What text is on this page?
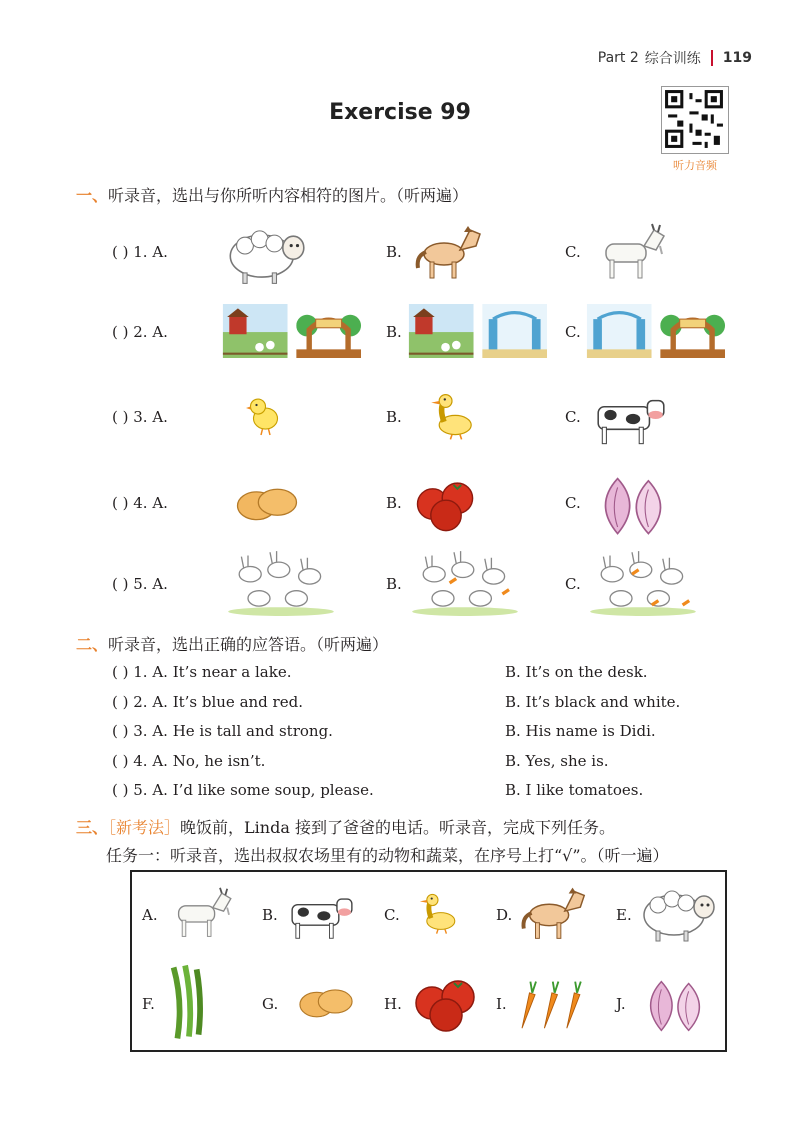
Part 2 综合训练 119
Exercise 99
听力音频
一、听录音，选出与你所听内容相符的图片。（听两遍）
( ) 1. A.	B.	C.
( ) 2. A.	B.	C.
( ) 3. A.	B.	C.
( ) 4. A.	B.	C.
( ) 5. A.	B.	C.
二、听录音，选出正确的应答语。（听两遍）
( ) 1. A. It’s near a lake.	B. It’s on the desk.
( ) 2. A. It’s blue and red.	B. It’s black and white.
( ) 3. A. He is tall and strong.	B. His name is Didi.
( ) 4. A. No, he isn’t.	B. Yes, she is.
( ) 5. A. I’d like some soup, please.	B. I like tomatoes.
三、［新考法］晚饭前，Linda 接到了爸爸的电话。听录音，完成下列任务。
任务一：听录音，选出叔叔农场里有的动物和蔬菜，在序号上打“√”。（听一遍）
A.	B.	C.	D.	E.
F.	G.	H.	I.	J.
